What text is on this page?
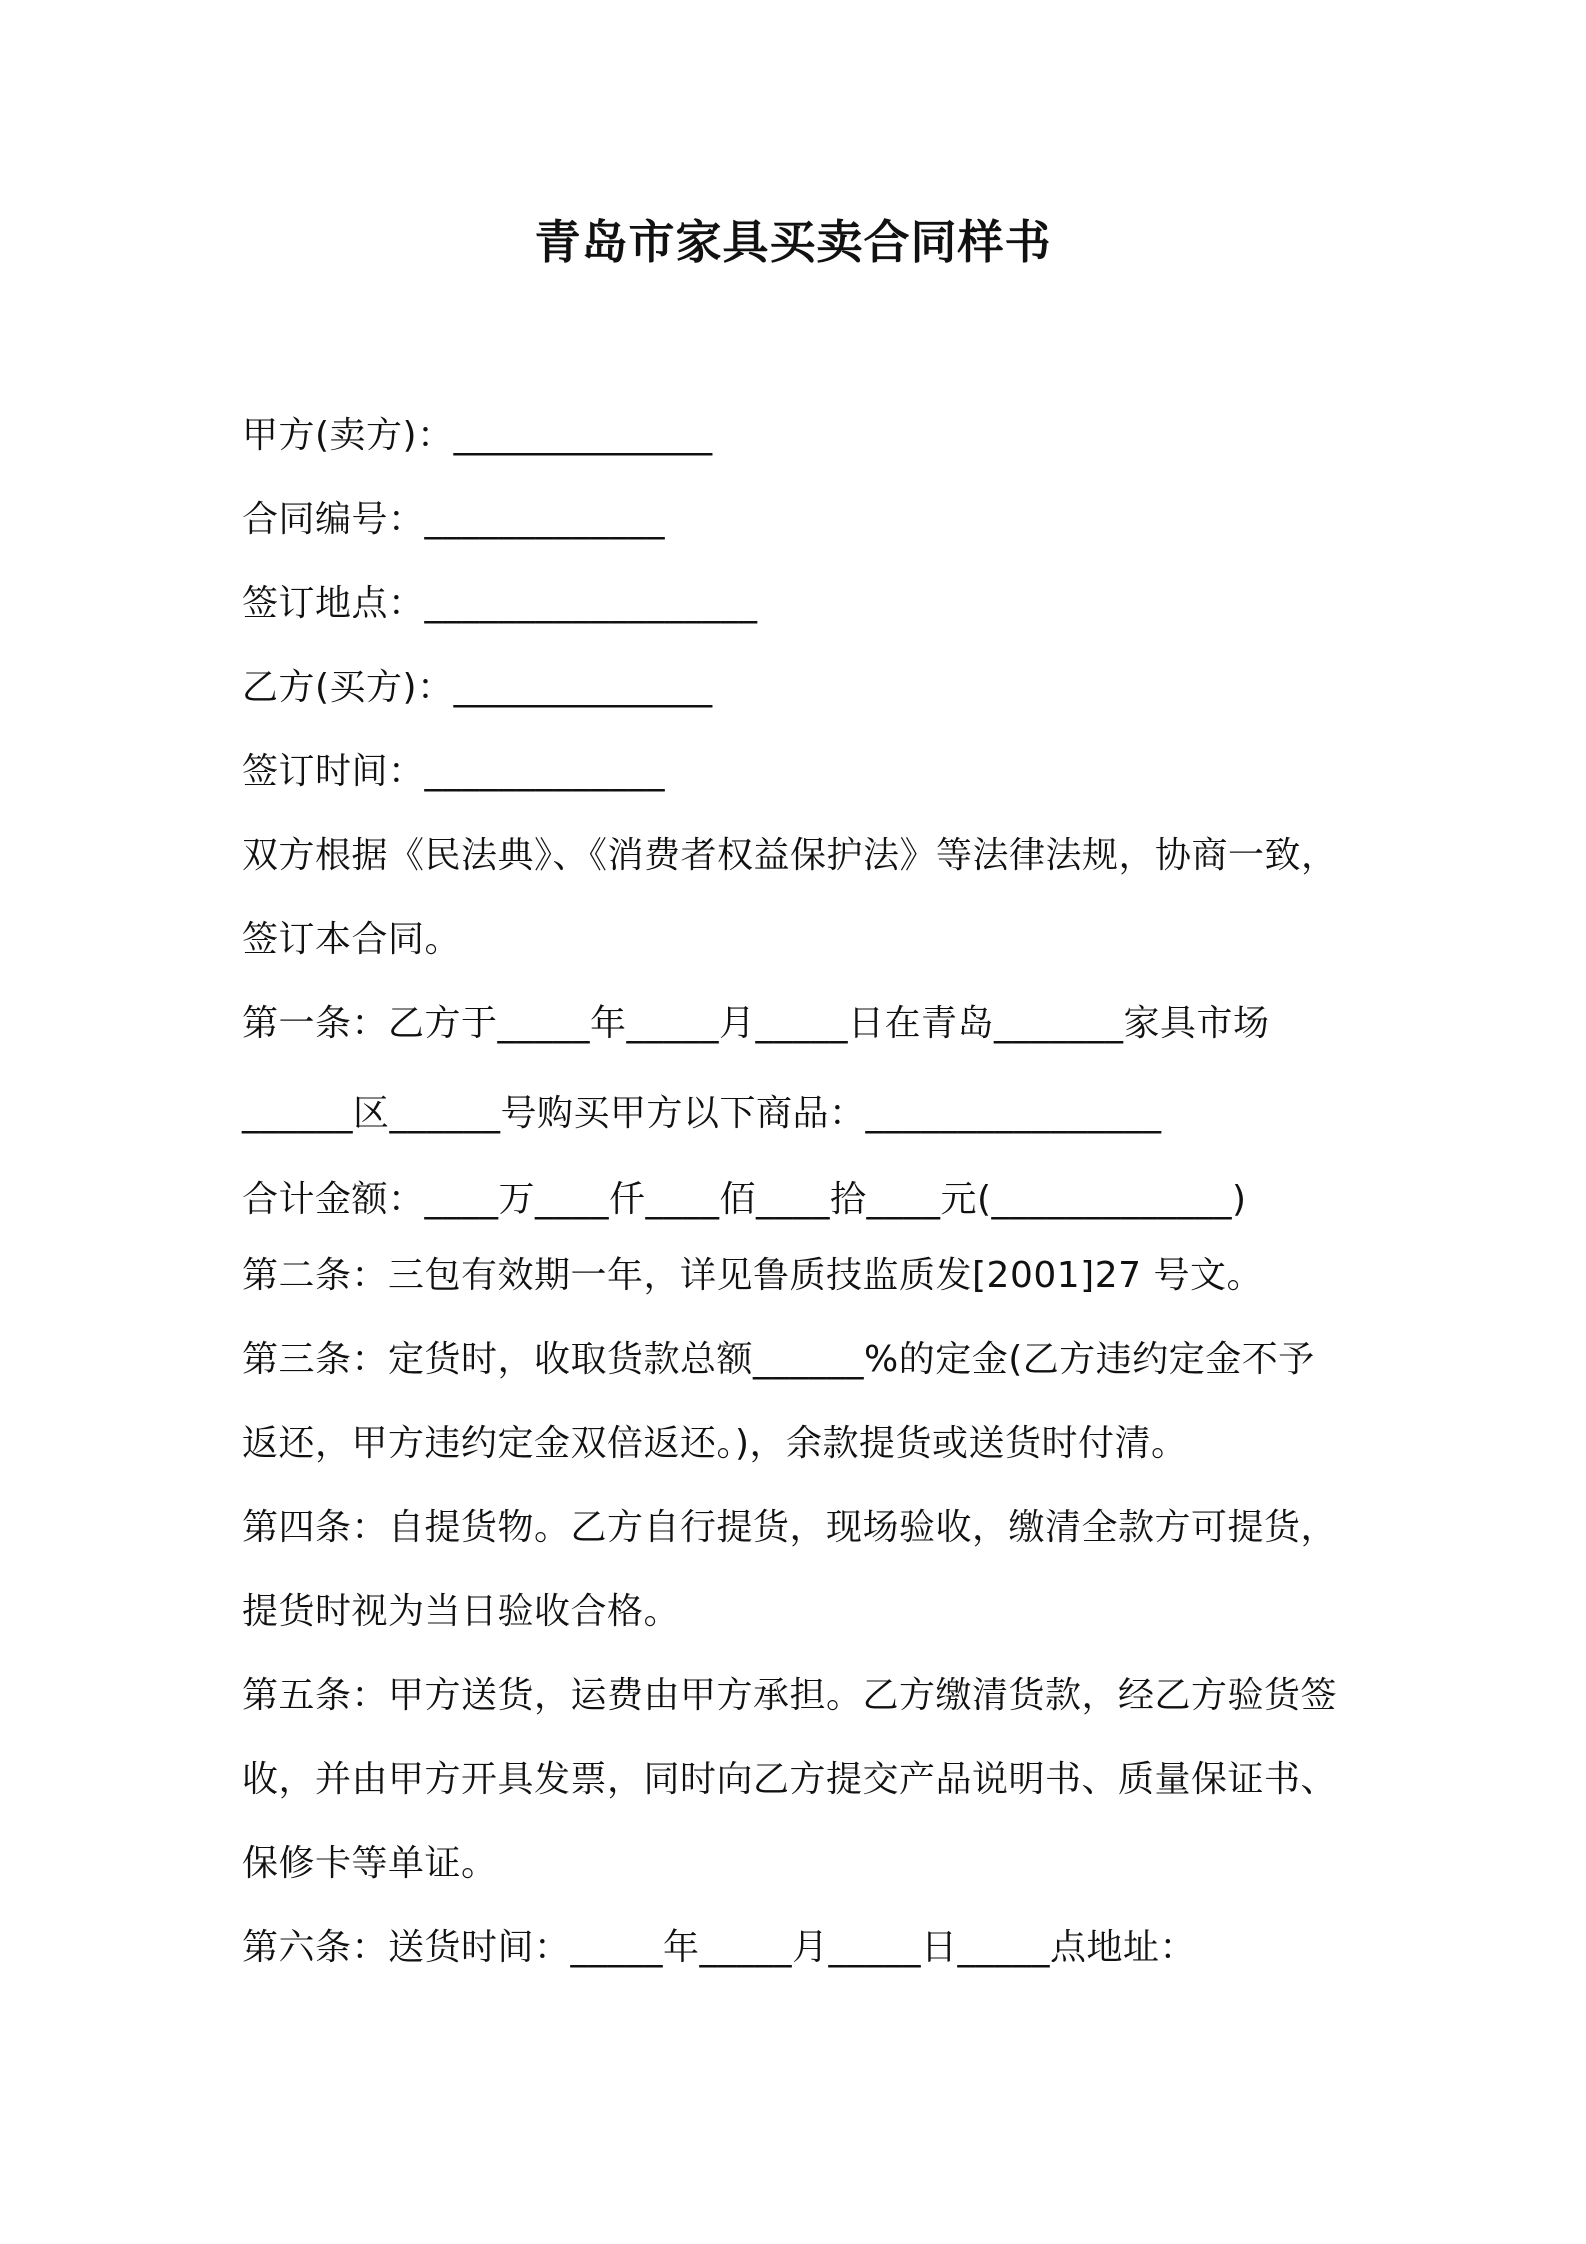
青岛市家具买卖合同样书
甲方(卖方)：______________
合同编号：_____________
签订地点：__________________
乙方(买方)：______________
签订时间：_____________
双方根据《民法典》、《消费者权益保护法》等法律法规，协商一致，
签订本合同。
第一条：乙方于_____年_____月_____日在青岛_______家具市场
______区______号购买甲方以下商品：________________
合计金额：____万____仟____佰____拾____元(_____________)
第二条：三包有效期一年，详见鲁质技监质发[2001]27 号文。
第三条：定货时，收取货款总额______%的定金(乙方违约定金不予
返还，甲方违约定金双倍返还。)，余款提货或送货时付清。
第四条：自提货物。乙方自行提货，现场验收，缴清全款方可提货，
提货时视为当日验收合格。
第五条：甲方送货，运费由甲方承担。乙方缴清货款，经乙方验货签
收，并由甲方开具发票，同时向乙方提交产品说明书、质量保证书、
保修卡等单证。
第六条：送货时间：_____年_____月_____日_____点地址：
